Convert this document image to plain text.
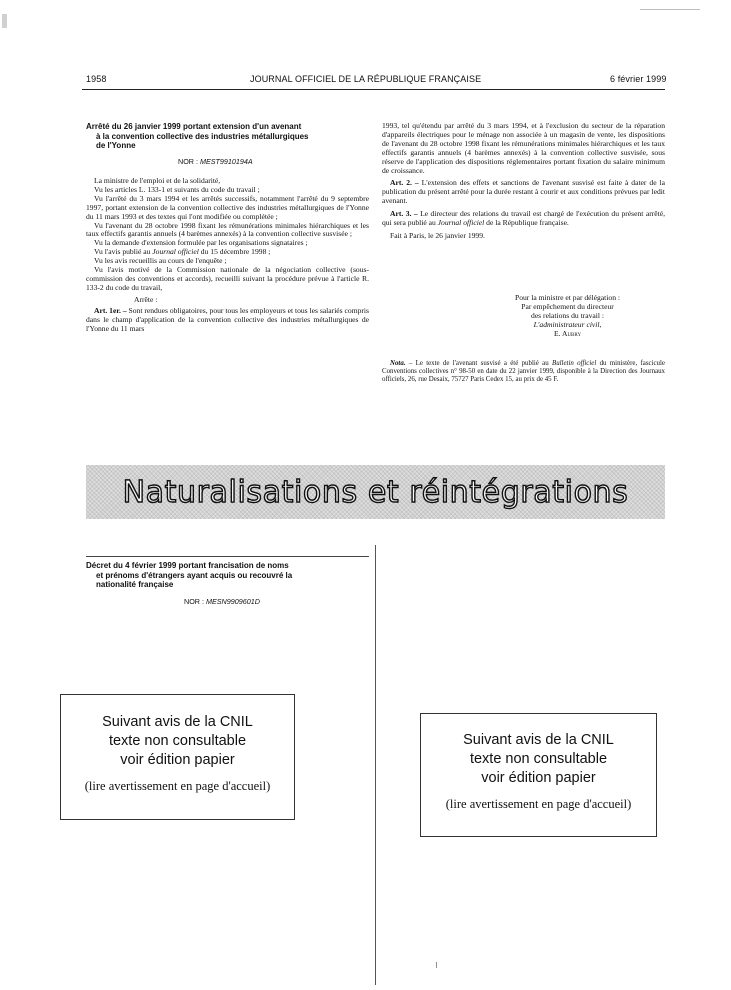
1958	JOURNAL OFFICIEL DE LA RÉPUBLIQUE FRANÇAISE	6 février 1999
Arrêté du 26 janvier 1999 portant extension d'un avenant
à la convention collective des industries métallurgiques
de l'Yonne
NOR : MEST9910194A

La ministre de l'emploi et de la solidarité,

Vu les articles L. 133-1 et suivants du code du travail ;

Vu l'arrêté du 3 mars 1994 et les arrêtés successifs, notamment l'arrêté du 9 septembre 1997, portant extension de la convention collective des industries métallurgiques de l'Yonne du 11 mars 1993 et des textes qui l'ont modifiée ou complétée ;

Vu l'avenant du 28 octobre 1998 fixant les rémunérations minimales hiérarchiques et les taux effectifs garantis annuels (4 barèmes annexés) à la convention collective susvisée ;

Vu la demande d'extension formulée par les organisations signataires ;

Vu l'avis publié au Journal officiel du 15 décembre 1998 ;

Vu les avis recueillis au cours de l'enquête ;

Vu l'avis motivé de la Commission nationale de la négociation collective (sous-commission des conventions et accords), recueilli suivant la procédure prévue à l'article R. 133-2 du code du travail,

Arrête :

Art. 1er. – Sont rendues obligatoires, pour tous les employeurs et tous les salariés compris dans le champ d'application de la convention collective des industries métallurgiques de l'Yonne du 11 mars

1993, tel qu'étendu par arrêté du 3 mars 1994, et à l'exclusion du secteur de la réparation d'appareils électriques pour le ménage non associée à un magasin de vente, les dispositions de l'avenant du 28 octobre 1998 fixant les rémunérations minimales hiérarchiques et les taux effectifs garantis annuels (4 barèmes annexés) à la convention collective susvisée, sous réserve de l'application des dispositions réglementaires portant fixation du salaire minimum de croissance.

Art. 2. – L'extension des effets et sanctions de l'avenant susvisé est faite à dater de la publication du présent arrêté pour la durée restant à courir et aux conditions prévues par ledit avenant.

Art. 3. – Le directeur des relations du travail est chargé de l'exécution du présent arrêté, qui sera publié au Journal officiel de la République française.

Fait à Paris, le 26 janvier 1999.

Pour la ministre et par délégation :
Par empêchement du directeur
des relations du travail :
L'administrateur civil,
E. Aubry

Nota. – Le texte de l'avenant susvisé a été publié au Bulletin officiel du ministère, fascicule Conventions collectives n° 98-50 en date du 22 janvier 1999, disponible à la Direction des Journaux officiels, 26, rue Desaix, 75727 Paris Cedex 15, au prix de 45 F.

Naturalisations et réintégrations
Décret du 4 février 1999 portant francisation de noms
et prénoms d'étrangers ayant acquis ou recouvré la
nationalité française
NOR : MESN9909601D
Suivant avis de la CNIL
texte non consultable
voir édition papier
(lire avertissement en page d'accueil)
Suivant avis de la CNIL
texte non consultable
voir édition papier
(lire avertissement en page d'accueil)
